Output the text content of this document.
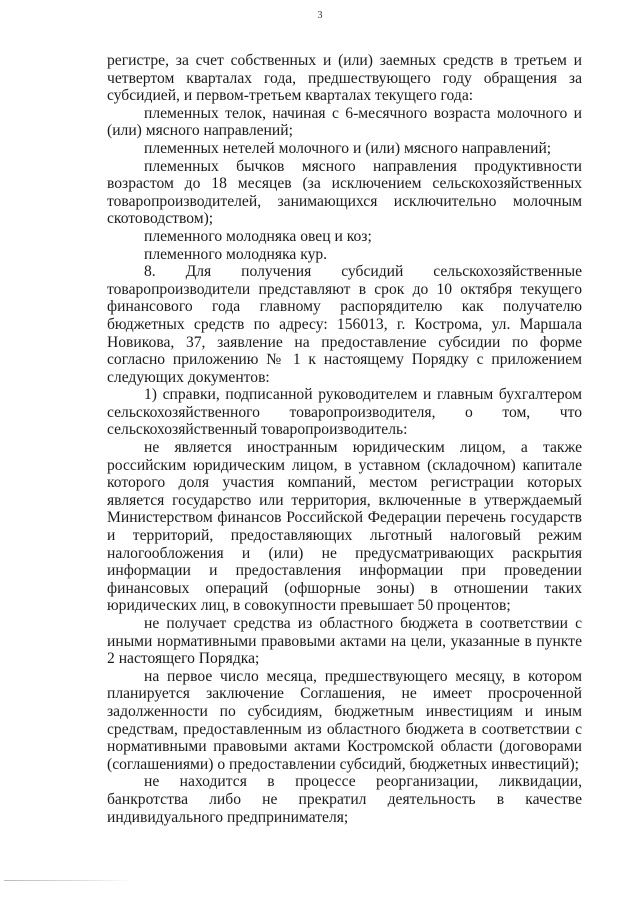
3

регистре, за счет собственных и (или) заемных средств в третьем и четвертом кварталах года, предшествующего году обращения за субсидией, и первом-третьем кварталах текущего года:

племенных телок, начиная с 6-месячного возраста молочного и (или) мясного направлений;

племенных нетелей молочного и (или) мясного направлений;

племенных бычков мясного направления продуктивности возрастом до 18 месяцев (за исключением сельскохозяйственных товаропроизводителей, занимающихся исключительно молочным скотоводством);

племенного молодняка овец и коз;

племенного молодняка кур.

8. Для получения субсидий сельскохозяйственные товаропроизводители представляют в срок до 10 октября текущего финансового года главному распорядителю как получателю бюджетных средств по адресу: 156013, г. Кострома, ул. Маршала Новикова, 37, заявление на предоставление субсидии по форме согласно приложению № 1 к настоящему Порядку с приложением следующих документов:

1) справки, подписанной руководителем и главным бухгалтером сельскохозяйственного товаропроизводителя, о том, что сельскохозяйственный товаропроизводитель:

не является иностранным юридическим лицом, а также российским юридическим лицом, в уставном (складочном) капитале которого доля участия компаний, местом регистрации которых является государство или территория, включенные в утверждаемый Министерством финансов Российской Федерации перечень государств и территорий, предоставляющих льготный налоговый режим налогообложения и (или) не предусматривающих раскрытия информации и предоставления информации при проведении финансовых операций (офшорные зоны) в отношении таких юридических лиц, в совокупности превышает 50 процентов;

не получает средства из областного бюджета в соответствии с иными нормативными правовыми актами на цели, указанные в пункте 2 настоящего Порядка;

на первое число месяца, предшествующего месяцу, в котором планируется заключение Соглашения, не имеет просроченной задолженности по субсидиям, бюджетным инвестициям и иным средствам, предоставленным из областного бюджета в соответствии с нормативными правовыми актами Костромской области (договорами (соглашениями) о предоставлении субсидий, бюджетных инвестиций);

не находится в процессе реорганизации, ликвидации, банкротства либо не прекратил деятельность в качестве индивидуального предпринимателя;
